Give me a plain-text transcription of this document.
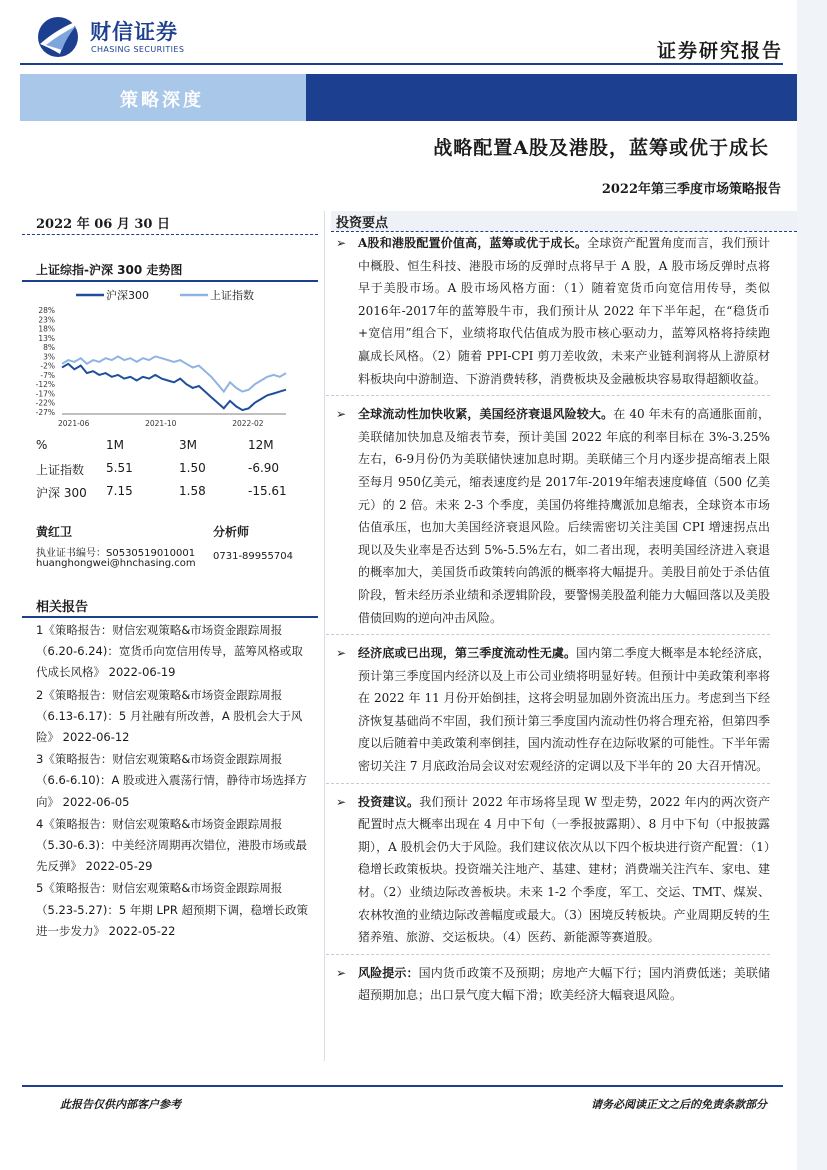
财信证券
CHASING SECURITIES	证券研究报告
策略深度
战略配置A股及港股，蓝筹或优于成长
2022年第三季度市场策略报告
2022 年 06 月 30 日
上证综指-沪深 300 走势图
沪深300	上证指数
28%
23%
18%
13%
8%
3%
-2%
-7%
-12%
-17%
-22%
-27%
2021-06	2021-10	2022-02
%	1M	3M	12M
上证指数 5.51	1.50	-6.90
沪深 300 7.15	1.58	-15.61
黄红卫	分析师
执业证书编号：S0530519010001
huanghongwei@hnchasing.com
0731-89955704
相关报告
1《策略报告：财信宏观策略&市场资金跟踪周报（6.20-6.24)：宽货币向宽信用传导，蓝筹风格或取代成长风格》 2022-06-19
2《策略报告：财信宏观策略&市场资金跟踪周报（6.13-6.17)：5 月社融有所改善，A 股机会大于风险》 2022-06-12
3《策略报告：财信宏观策略&市场资金跟踪周报（6.6-6.10)：A 股或进入震荡行情，静待市场选择方向》 2022-06-05
4《策略报告：财信宏观策略&市场资金跟踪周报（5.30-6.3)：中美经济周期再次错位，港股市场或最先反弹》 2022-05-29
5《策略报告：财信宏观策略&市场资金跟踪周报（5.23-5.27)：5 年期 LPR 超预期下调，稳增长政策进一步发力》 2022-05-22
投资要点
➢ A股和港股配置价值高，蓝筹或优于成长。全球资产配置角度而言，我们预计中概股、恒生科技、港股市场的反弹时点将早于 A 股，A 股市场反弹时点将早于美股市场。A 股市场风格方面：（1）随着宽货币向宽信用传导，类似 2016年-2017年的蓝筹股牛市，我们预计从 2022 年下半年起，在“稳货币+宽信用”组合下，业绩将取代估值成为股市核心驱动力，蓝筹风格将持续跑赢成长风格。（2）随着 PPI-CPI 剪刀差收敛，未来产业链利润将从上游原材料板块向中游制造、下游消费转移，消费板块及金融板块容易取得超额收益。
➢ 全球流动性加快收紧，美国经济衰退风险较大。在 40 年未有的高通胀面前，美联储加快加息及缩表节奏，预计美国 2022 年底的利率目标在 3%-3.25%左右，6-9月份仍为美联储快速加息时期。美联储三个月内逐步提高缩表上限至每月 950亿美元，缩表速度约是 2017年-2019年缩表速度峰值（500 亿美元）的 2 倍。未来 2-3 个季度，美国仍将维持鹰派加息缩表，全球资本市场估值承压，也加大美国经济衰退风险。后续需密切关注美国 CPI 增速拐点出现以及失业率是否达到 5%-5.5%左右，如二者出现，表明美国经济进入衰退的概率加大，美国货币政策转向鸽派的概率将大幅提升。美股目前处于杀估值阶段，暂未经历杀业绩和杀逻辑阶段，要警惕美股盈利能力大幅回落以及美股借债回购的逆向冲击风险。
➢ 经济底或已出现，第三季度流动性无虞。国内第二季度大概率是本轮经济底，预计第三季度国内经济以及上市公司业绩将明显好转。但预计中美政策利率将在 2022 年 11 月份开始倒挂，这将会明显加剧外资流出压力。考虑到当下经济恢复基础尚不牢固，我们预计第三季度国内流动性仍将合理充裕，但第四季度以后随着中美政策利率倒挂，国内流动性存在边际收紧的可能性。下半年需密切关注 7 月底政治局会议对宏观经济的定调以及下半年的 20 大召开情况。
➢ 投资建议。我们预计 2022 年市场将呈现 W 型走势，2022 年内的两次资产配置时点大概率出现在 4 月中下旬（一季报披露期）、8 月中下旬（中报披露期），A 股机会仍大于风险。我们建议依次从以下四个板块进行资产配置：（1）稳增长政策板块。投资端关注地产、基建、建材；消费端关注汽车、家电、建材。（2）业绩边际改善板块。未来 1-2 个季度，军工、交运、TMT、煤炭、农林牧渔的业绩边际改善幅度或最大。（3）困境反转板块。产业周期反转的生猪养殖、旅游、交运板块。（4）医药、新能源等赛道股。
➢ 风险提示：国内货币政策不及预期；房地产大幅下行；国内消费低迷；美联储超预期加息；出口景气度大幅下滑；欧美经济大幅衰退风险。
此报告仅供内部客户参考	请务必阅读正文之后的免责条款部分
